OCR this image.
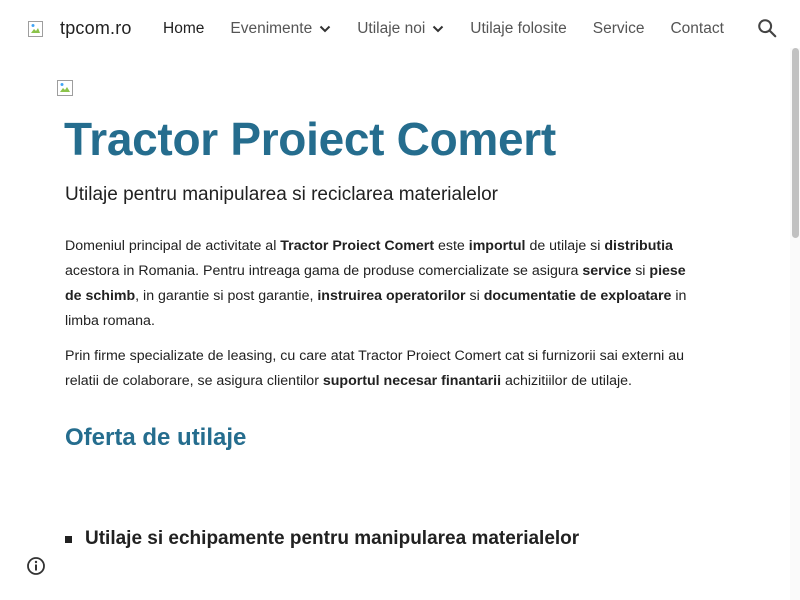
tpcom.ro Home Evenimente	Utilaje noi	Utilaje folosite Service Contact
Tractor Proiect Comert
Utilaje pentru manipularea si reciclarea materialelor

Domeniul principal de activitate al Tractor Proiect Comert este importul de utilaje si distributia acestora in Romania. Pentru intreaga gama de produse comercializate se asigura service si piese de schimb, in garantie si post garantie, instruirea operatorilor si documentatie de exploatare in limba romana.

Prin firme specializate de leasing, cu care atat Tractor Proiect Comert cat si furnizorii sai externi au relatii de colaborare, se asigura clientilor suportul necesar finantarii achizitiilor de utilaje.

Oferta de utilaje
Utilaje si echipamente pentru manipularea materialelor
